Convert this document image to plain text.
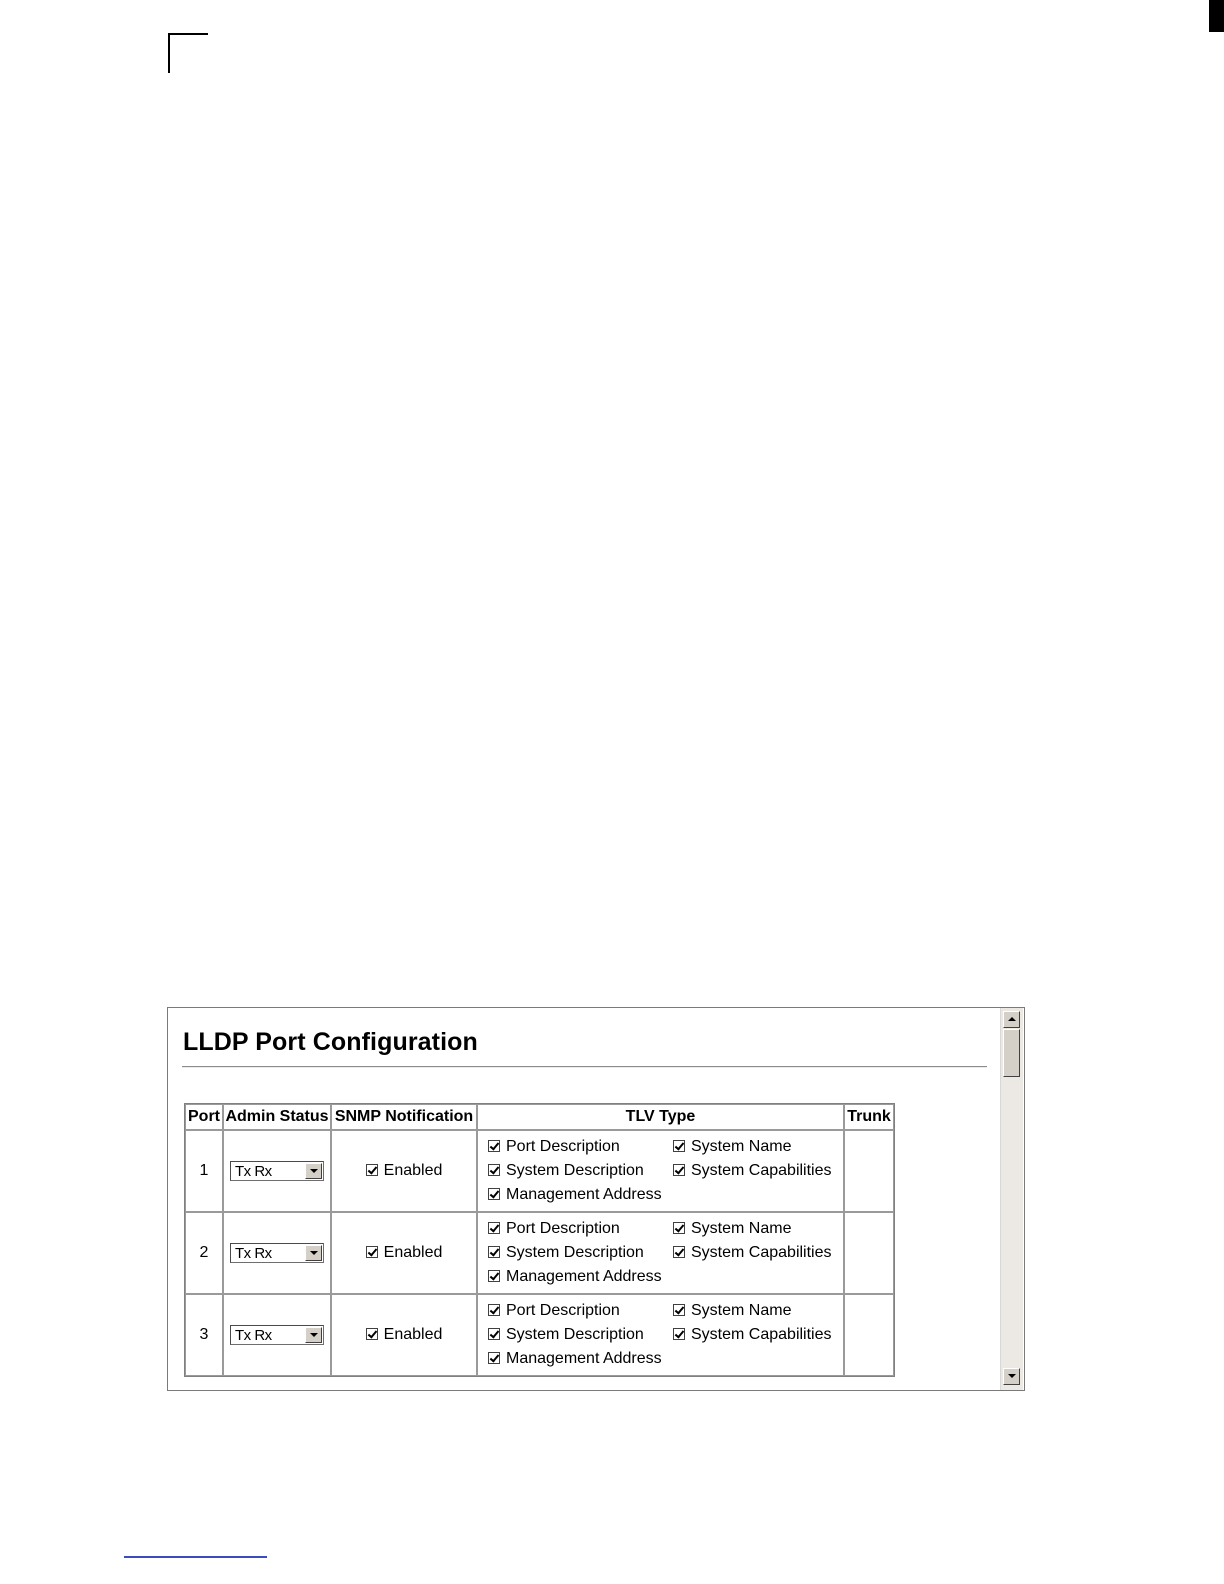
LLDP Port Configuration
Port	Admin Status	SNMP Notification	TLV Type	Trunk
1	Tx Rx	Enabled	Port Description System Name
System Description System Capabilities
Management Address	

2	Tx Rx	Enabled	Port Description System Name
System Description System Capabilities
Management Address	

3	Tx Rx	Enabled	Port Description System Name
System Description System Capabilities
Management Address	
